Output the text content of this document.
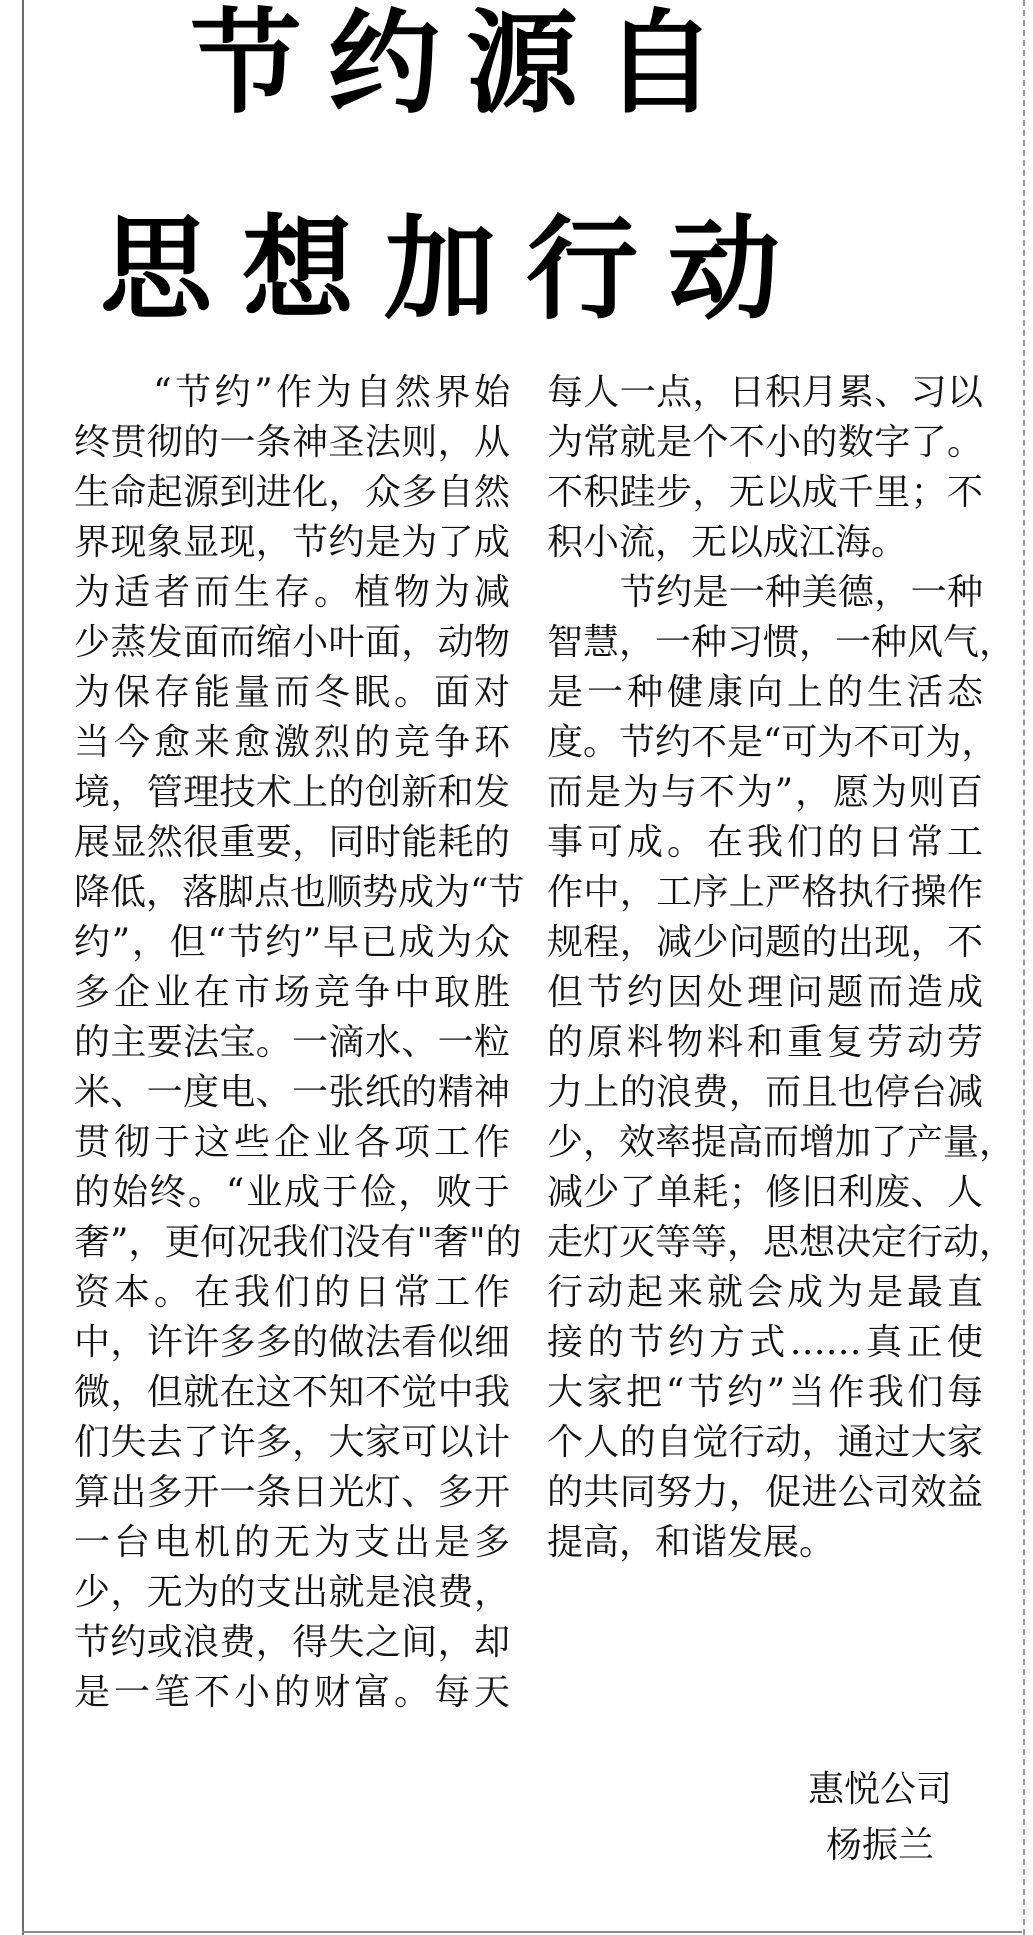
节约源自
思想加行动
　　“节约”作为自然界始
终贯彻的一条神圣法则，从
生命起源到进化，众多自然
界现象显现，节约是为了成
为适者而生存。植物为减
少蒸发面而缩小叶面，动物
为保存能量而冬眠。面对
当今愈来愈激烈的竞争环
境，管理技术上的创新和发
展显然很重要，同时能耗的
降低，落脚点也顺势成为“节
约”，但“节约”早已成为众
多企业在市场竞争中取胜
的主要法宝。一滴水、一粒
米、一度电、一张纸的精神
贯彻于这些企业各项工作
的始终。“业成于俭，败于
奢”，更何况我们没有"奢"的
资本。在我们的日常工作
中，许许多多的做法看似细
微，但就在这不知不觉中我
们失去了许多，大家可以计
算出多开一条日光灯、多开
一台电机的无为支出是多
少，无为的支出就是浪费，
节约或浪费，得失之间，却
是一笔不小的财富。每天
每人一点，日积月累、习以
为常就是个不小的数字了。
不积跬步，无以成千里；不
积小流，无以成江海。
　　节约是一种美德，一种
智慧，一种习惯，一种风气，
是一种健康向上的生活态
度。节约不是“可为不可为，
而是为与不为”，愿为则百
事可成。在我们的日常工
作中，工序上严格执行操作
规程，减少问题的出现，不
但节约因处理问题而造成
的原料物料和重复劳动劳
力上的浪费，而且也停台减
少，效率提高而增加了产量，
减少了单耗；修旧利废、人
走灯灭等等，思想决定行动，
行动起来就会成为是最直
接的节约方式……真正使
大家把“节约”当作我们每
个人的自觉行动，通过大家
的共同努力，促进公司效益
提高，和谐发展。

惠悦公司

杨振兰
